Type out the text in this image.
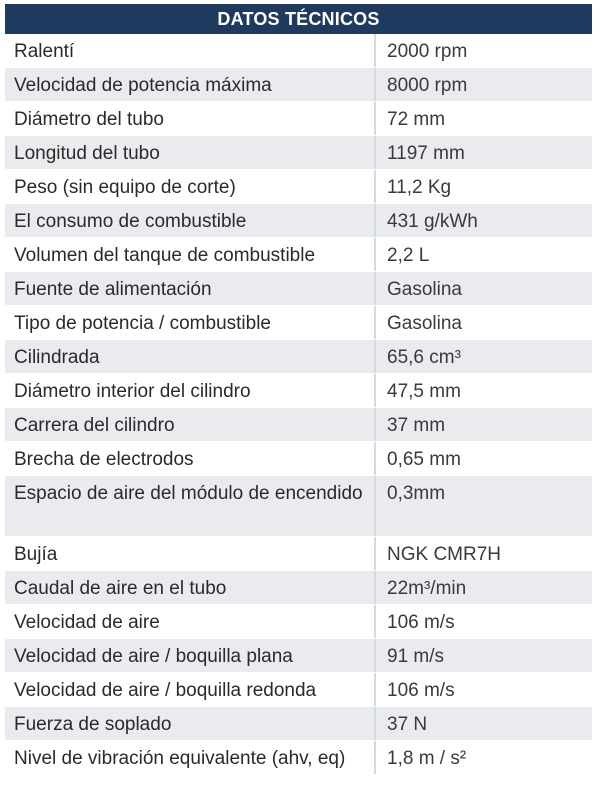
DATOS TÉCNICOS
Ralentí	2000 rpm
Velocidad de potencia máxima	8000 rpm
Diámetro del tubo	72 mm
Longitud del tubo	1197 mm
Peso (sin equipo de corte)	11,2 Kg
El consumo de combustible	431 g/kWh
Volumen del tanque de combustible	2,2 L
Fuente de alimentación	Gasolina
Tipo de potencia / combustible	Gasolina
Cilindrada	65,6 cm³
Diámetro interior del cilindro	47,5 mm
Carrera del cilindro	37 mm
Brecha de electrodos	0,65 mm
Espacio de aire del módulo de encendido	0,3mm
Bujía	NGK CMR7H
Caudal de aire en el tubo	22m³/min
Velocidad de aire	106 m/s
Velocidad de aire / boquilla plana	91 m/s
Velocidad de aire / boquilla redonda	106 m/s
Fuerza de soplado	37 N
Nivel de vibración equivalente (ahv, eq)	1,8 m / s²
